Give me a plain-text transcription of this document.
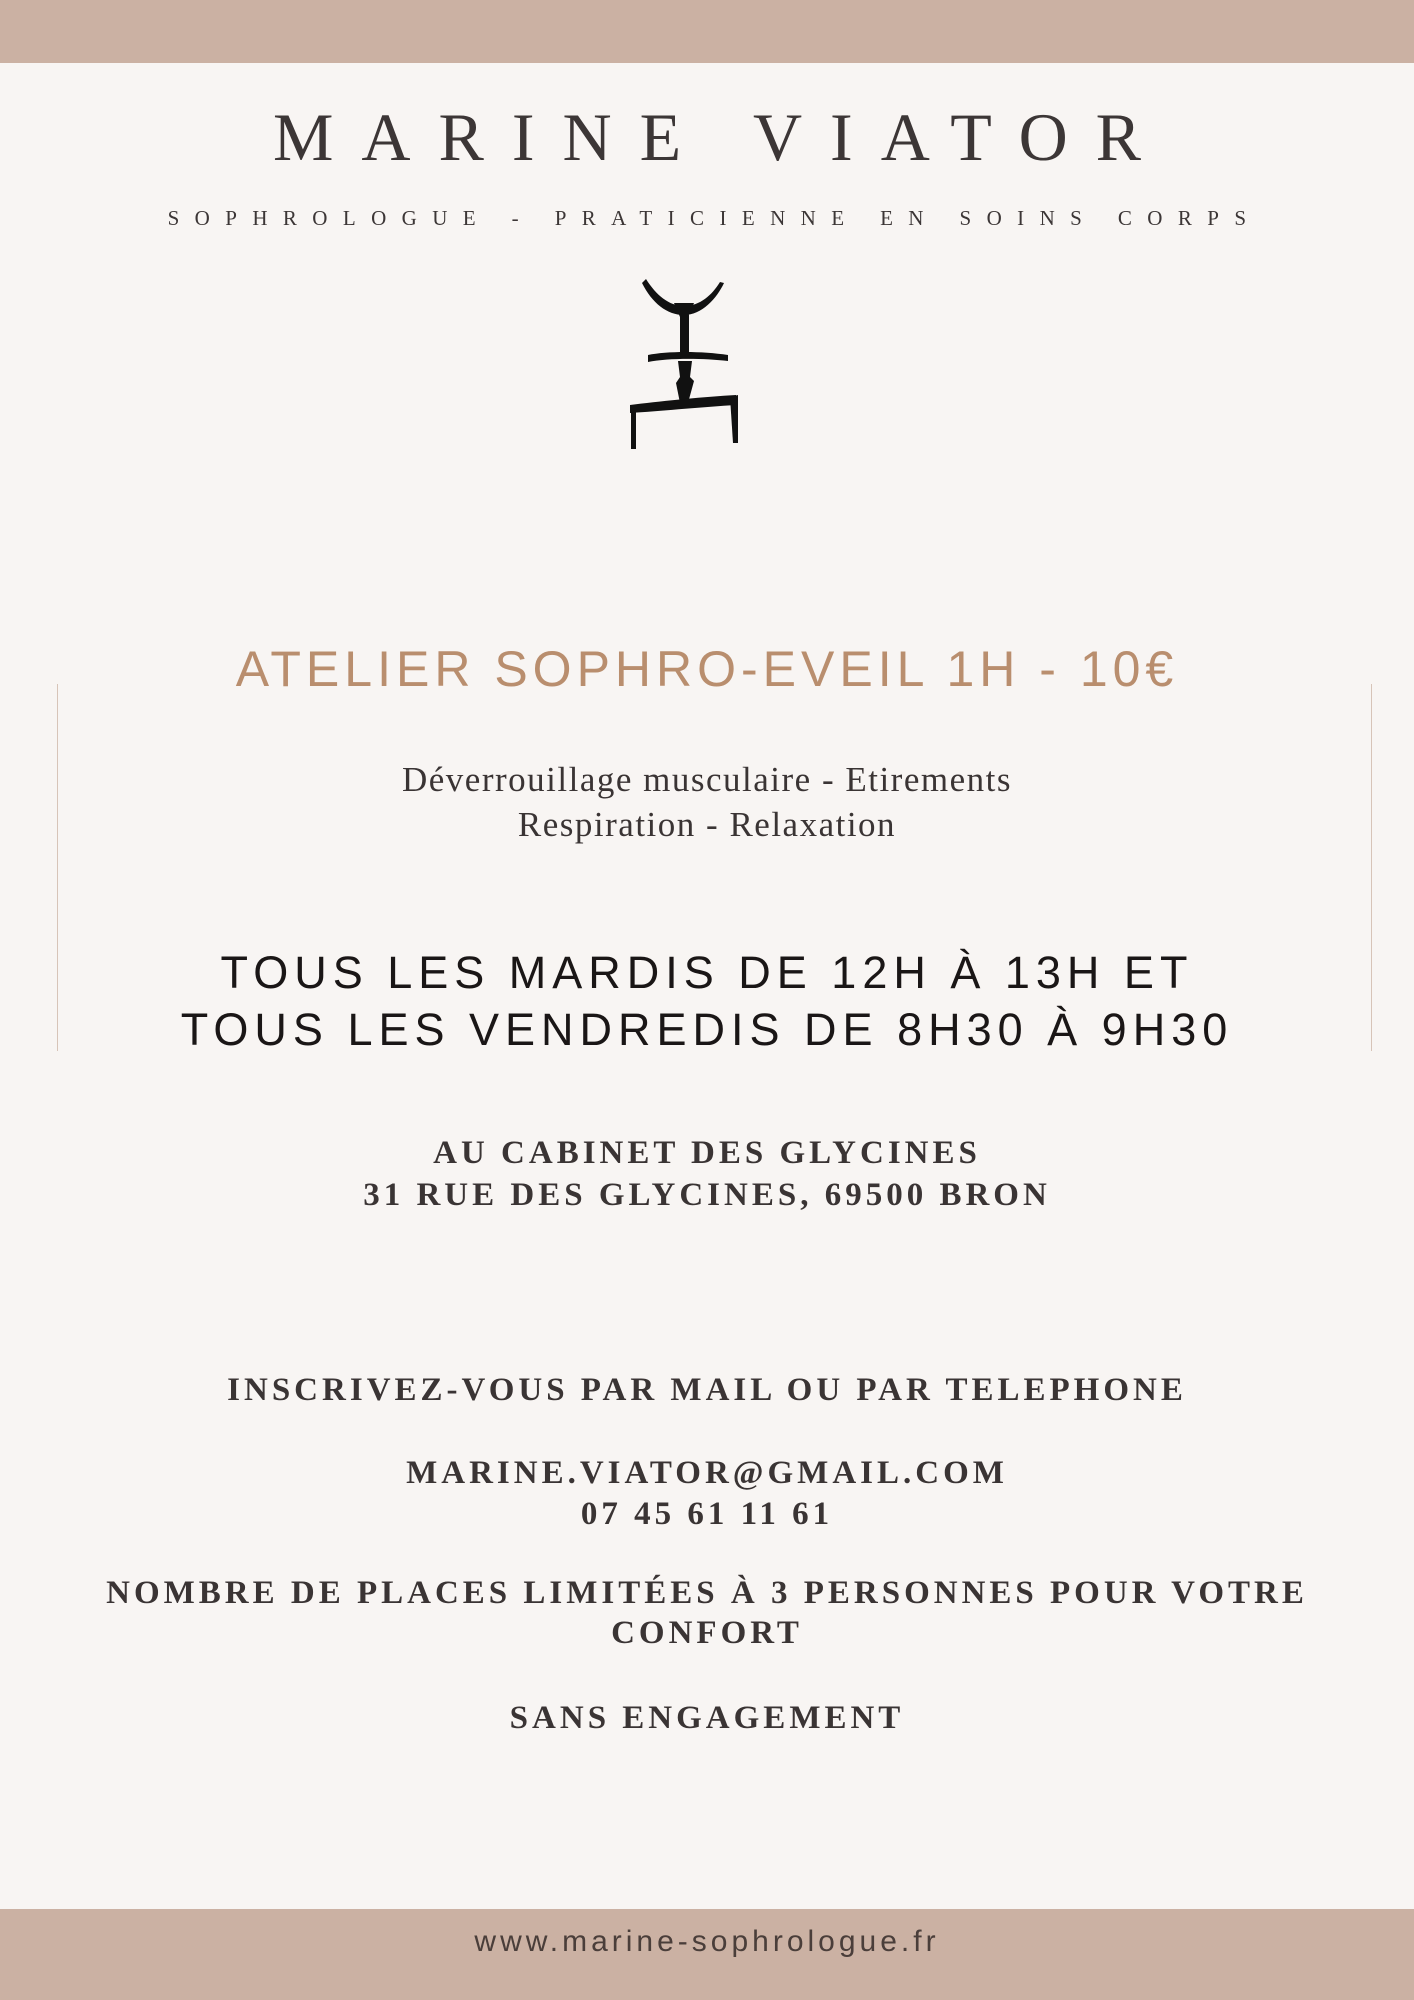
MARINE VIATOR
SOPHROLOGUE - PRATICIENNE EN SOINS CORPS
ATELIER SOPHRO-EVEIL 1H - 10€
Déverrouillage musculaire - Etirements
Respiration - Relaxation
TOUS LES MARDIS DE 12H À 13H ET
TOUS LES VENDREDIS DE 8H30 À 9H30
AU CABINET DES GLYCINES
31 RUE DES GLYCINES, 69500 BRON
INSCRIVEZ-VOUS PAR MAIL OU PAR TELEPHONE
MARINE.VIATOR@GMAIL.COM
07 45 61 11 61
NOMBRE DE PLACES LIMITÉES À 3 PERSONNES POUR VOTRE
CONFORT
SANS ENGAGEMENT
www.marine-sophrologue.fr
